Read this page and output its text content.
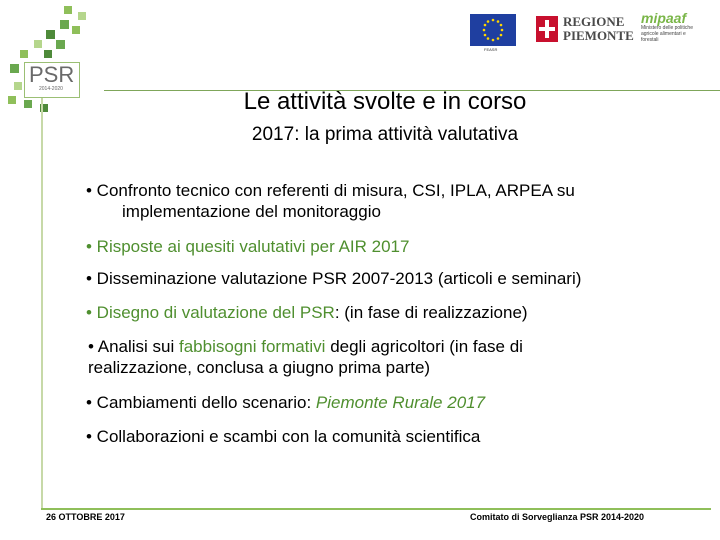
PSR
2014-2020
FEASR
REGIONE
PIEMONTE
mipaaf
Ministero delle politiche agricole alimentari e forestali
Le attività svolte e in corso
2017: la prima attività valutativa
• Confronto tecnico con referenti di misura, CSI, IPLA, ARPEA su
implementazione del monitoraggio
• Risposte ai quesiti valutativi per AIR 2017
• Disseminazione valutazione PSR 2007-2013 (articoli e seminari)
• Disegno di valutazione del PSR: (in fase di realizzazione)
• Analisi sui fabbisogni formativi degli agricoltori (in fase di
realizzazione, conclusa a giugno prima parte)
• Cambiamenti dello scenario: Piemonte Rurale 2017
• Collaborazioni e scambi con la comunità scientifica
26 OTTOBRE 2017	Comitato di Sorveglianza PSR 2014-2020
